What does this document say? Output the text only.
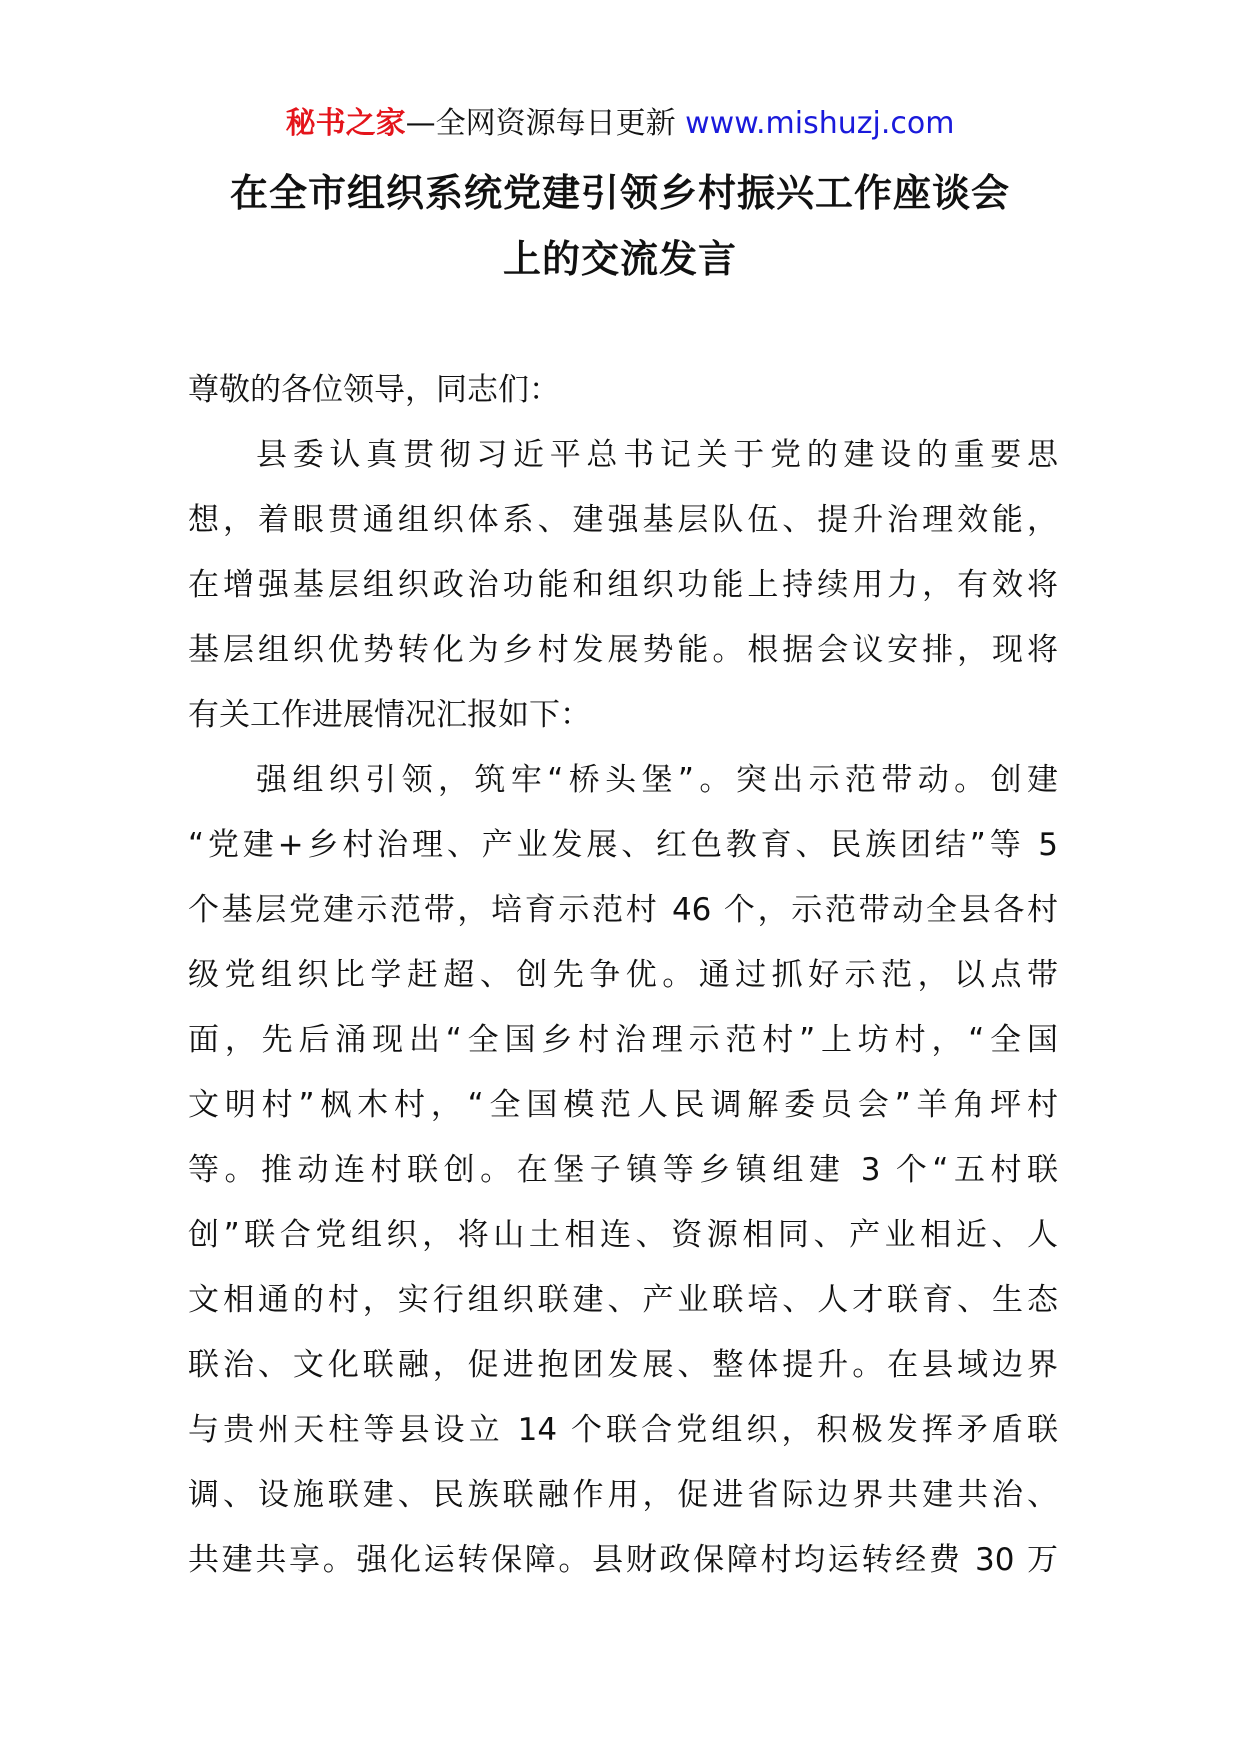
秘书之家—全网资源每日更新 www.mishuzj.com
在全市组织系统党建引领乡村振兴工作座谈会
上的交流发言
尊敬的各位领导，同志们：
县委认真贯彻习近平总书记关于党的建设的重要思
想，着眼贯通组织体系、建强基层队伍、提升治理效能，
在增强基层组织政治功能和组织功能上持续用力，有效将
基层组织优势转化为乡村发展势能。根据会议安排，现将
有关工作进展情况汇报如下：
强组织引领，筑牢“桥头堡”。突出示范带动。创建
“党建+乡村治理、产业发展、红色教育、民族团结”等 5
个基层党建示范带，培育示范村 46 个，示范带动全县各村
级党组织比学赶超、创先争优。通过抓好示范，以点带
面，先后涌现出“全国乡村治理示范村”上坊村，“全国
文明村”枫木村，“全国模范人民调解委员会”羊角坪村
等。推动连村联创。在堡子镇等乡镇组建 3 个“五村联
创”联合党组织，将山土相连、资源相同、产业相近、人
文相通的村，实行组织联建、产业联培、人才联育、生态
联治、文化联融，促进抱团发展、整体提升。在县域边界
与贵州天柱等县设立 14 个联合党组织，积极发挥矛盾联
调、设施联建、民族联融作用，促进省际边界共建共治、
共建共享。强化运转保障。县财政保障村均运转经费 30 万
